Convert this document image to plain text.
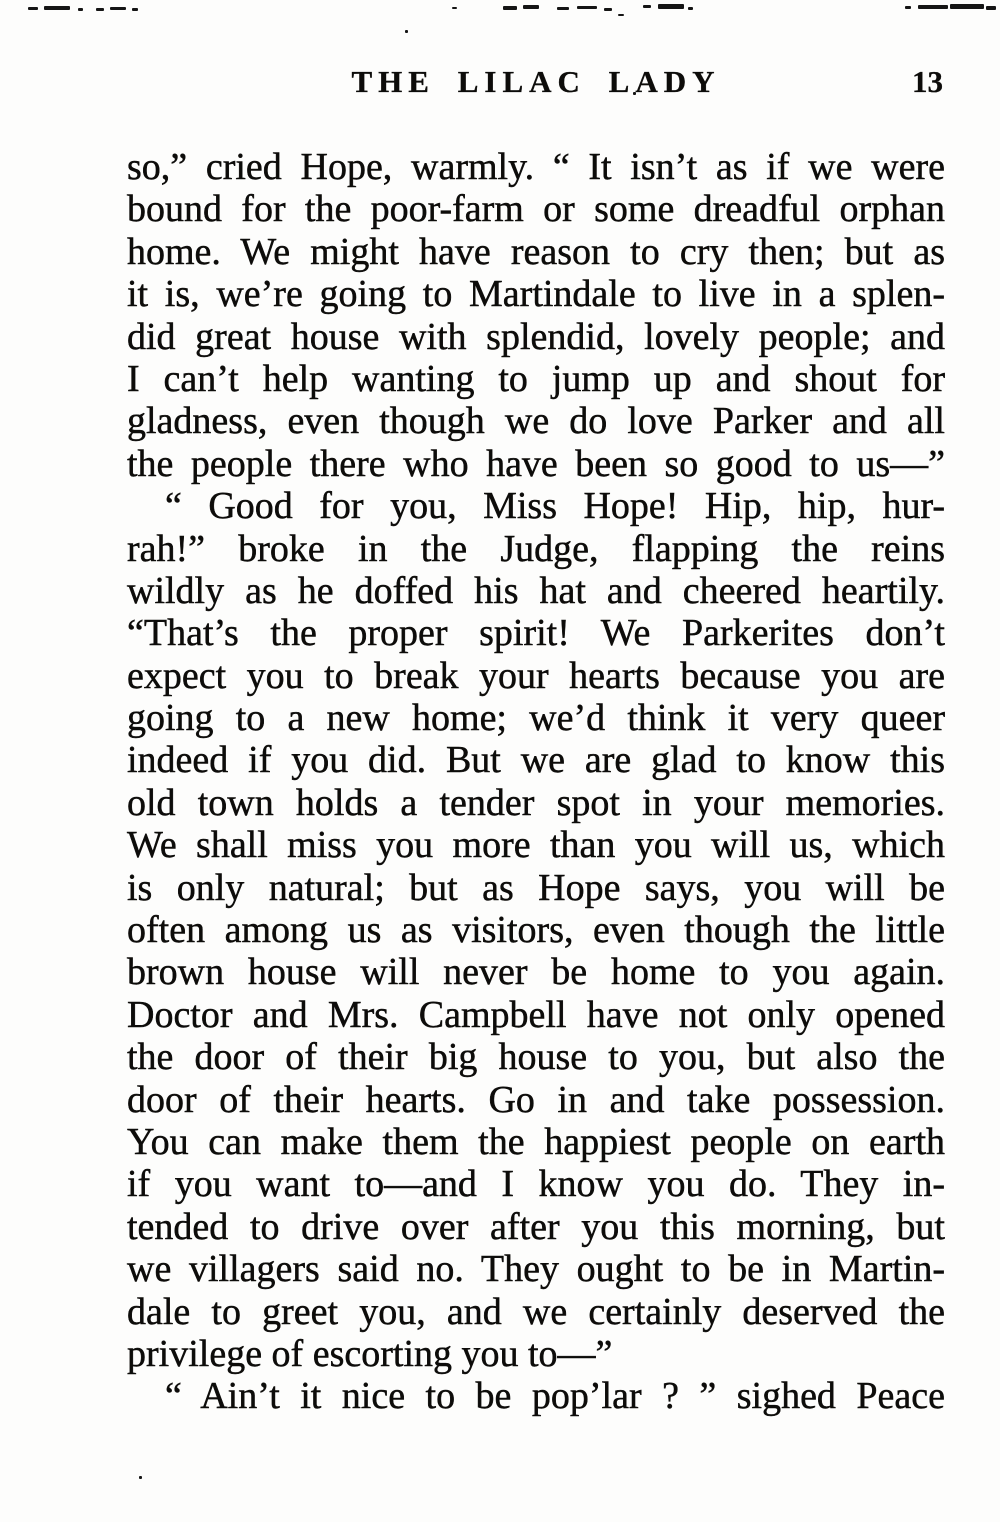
THE LILAC LADY	13
so,” cried Hope, warmly. “ It isn’t as if we were
bound for the poor-farm or some dreadful orphan
home. We might have reason to cry then; but as
it is, we’re going to Martindale to live in a splen-
did great house with splendid, lovely people; and
I can’t help wanting to jump up and shout for
gladness, even though we do love Parker and all
the people there who have been so good to us—”
“ Good for you, Miss Hope! Hip, hip, hur-
rah!” broke in the Judge, flapping the reins
wildly as he doffed his hat and cheered heartily.
“That’s the proper spirit! We Parkerites don’t
expect you to break your hearts because you are
going to a new home; we’d think it very queer
indeed if you did. But we are glad to know this
old town holds a tender spot in your memories.
We shall miss you more than you will us, which
is only natural; but as Hope says, you will be
often among us as visitors, even though the little
brown house will never be home to you again.
Doctor and Mrs. Campbell have not only opened
the door of their big house to you, but also the
door of their hearts. Go in and take possession.
You can make them the happiest people on earth
if you want to—and I know you do. They in-
tended to drive over after you this morning, but
we villagers said no. They ought to be in Martin-
dale to greet you, and we certainly deserved the
privilege of escorting you to—”
“ Ain’t it nice to be pop’lar ? ” sighed Peace
